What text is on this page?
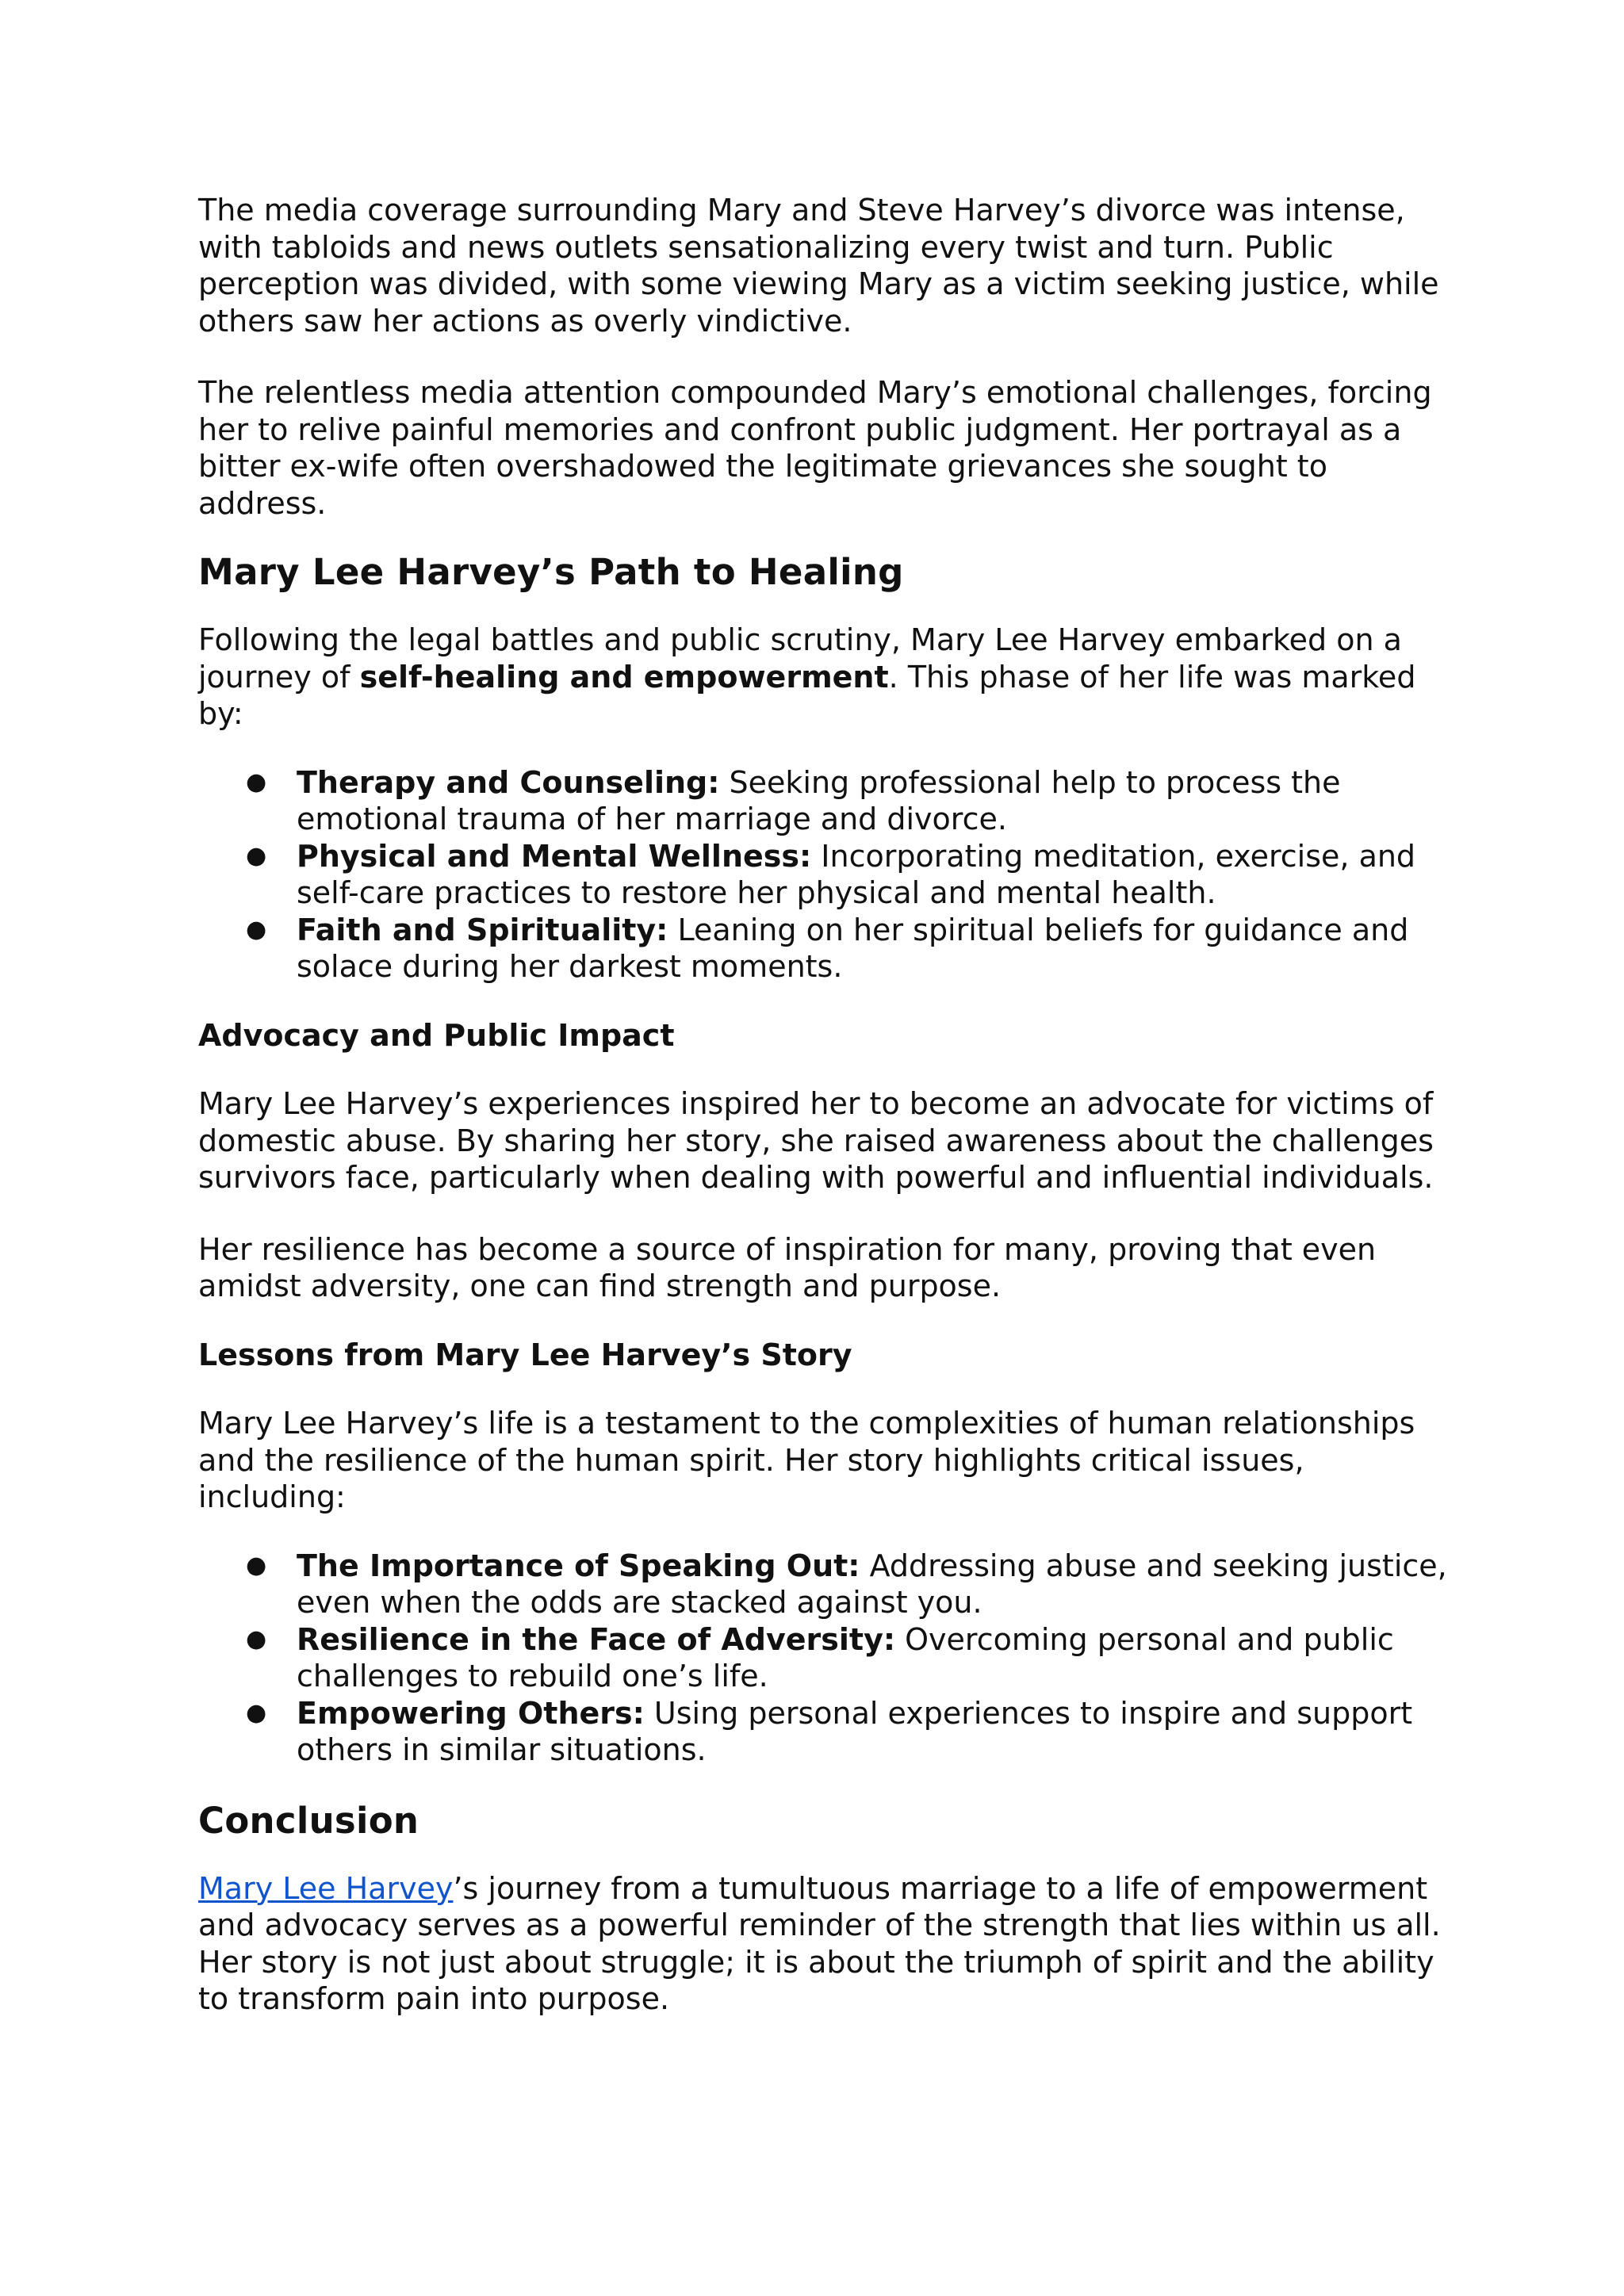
The media coverage surrounding Mary and Steve Harvey’s divorce was intense, with tabloids and news outlets sensationalizing every twist and turn. Public perception was divided, with some viewing Mary as a victim seeking justice, while others saw her actions as overly vindictive.

The relentless media attention compounded Mary’s emotional challenges, forcing her to relive painful memories and confront public judgment. Her portrayal as a bitter ex-wife often overshadowed the legitimate grievances she sought to address.

Mary Lee Harvey’s Path to Healing

Following the legal battles and public scrutiny, Mary Lee Harvey embarked on a journey of self-healing and empowerment. This phase of her life was marked by:

● Therapy and Counseling: Seeking professional help to process the emotional trauma of her marriage and divorce.
● Physical and Mental Wellness: Incorporating meditation, exercise, and self-care practices to restore her physical and mental health.
● Faith and Spirituality: Leaning on her spiritual beliefs for guidance and solace during her darkest moments.
Advocacy and Public Impact

Mary Lee Harvey’s experiences inspired her to become an advocate for victims of domestic abuse. By sharing her story, she raised awareness about the challenges survivors face, particularly when dealing with powerful and influential individuals.

Her resilience has become a source of inspiration for many, proving that even amidst adversity, one can find strength and purpose.

Lessons from Mary Lee Harvey’s Story

Mary Lee Harvey’s life is a testament to the complexities of human relationships and the resilience of the human spirit. Her story highlights critical issues, including:

● The Importance of Speaking Out: Addressing abuse and seeking justice, even when the odds are stacked against you.
● Resilience in the Face of Adversity: Overcoming personal and public challenges to rebuild one’s life.
● Empowering Others: Using personal experiences to inspire and support others in similar situations.
Conclusion

Mary Lee Harvey’s journey from a tumultuous marriage to a life of empowerment and advocacy serves as a powerful reminder of the strength that lies within us all. Her story is not just about struggle; it is about the triumph of spirit and the ability to transform pain into purpose.
